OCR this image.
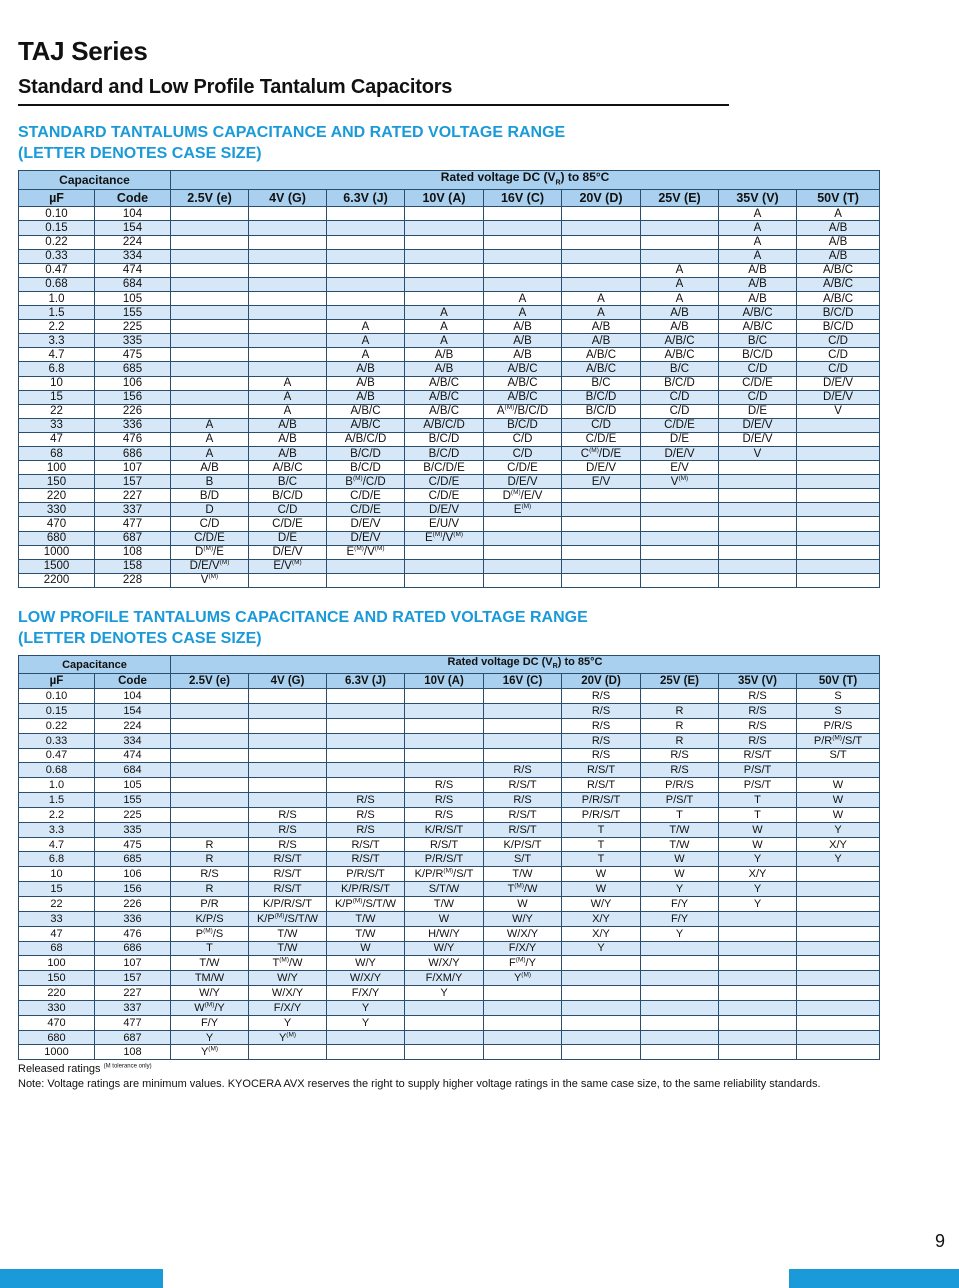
TAJ Series
Standard and Low Profile Tantalum Capacitors
STANDARD TANTALUMS CAPACITANCE AND RATED VOLTAGE RANGE
(LETTER DENOTES CASE SIZE)
Capacitance		Rated voltage DC $(V_R)$ to 85°C								
µF	Code	2.5V (e)	4V (G)	6.3V (J)	10V (A)	16V (C)	20V (D)	25V (E)	35V (V)	50V (T)
0.10	104								A	A
0.15	154								A	A/B
0.22	224								A	A/B
0.33	334								A	A/B
0.47	474							A	A/B	A/B/C
0.68	684							A	A/B	A/B/C
1.0	105					A	A	A	A/B	A/B/C
1.5	155				A	A	A	A/B	A/B/C	B/C/D
2.2	225			A	A	A/B	A/B	A/B	A/B/C	B/C/D
3.3	335			A	A	A/B	A/B	A/B/C	B/C	C/D
4.7	475			A	A/B	A/B	A/B/C	A/B/C	B/C/D	C/D
6.8	685			A/B	A/B	A/B/C	A/B/C	B/C	C/D	C/D
10	106		A	A/B	A/B/C	A/B/C	B/C	B/C/D	C/D/E	D/E/V
15	156		A	A/B	A/B/C	A/B/C	B/C/D	C/D	C/D	D/E/V
22	226		A	A/B/C	A/B/C	$A^{(M)}/B/C/D$	B/C/D	C/D	D/E	V
33	336	A	A/B	A/B/C	A/B/C/D	B/C/D	C/D	C/D/E	D/E/V	
47	476	A	A/B	A/B/C/D	B/C/D	C/D	C/D/E	D/E	D/E/V	
68	686	A	A/B	B/C/D	B/C/D	C/D	$C^{(M)}/D/E$	D/E/V	V	
100	107	A/B	A/B/C	B/C/D	B/C/D/E	C/D/E	D/E/V	E/V		
150	157	B	B/C	$B^{(M)}/C/D$	C/D/E	D/E/V	E/V	$V^{(M)}$		
220	227	B/D	B/C/D	C/D/E	C/D/E	$D^{(M)}/E/V$				
330	337	D	C/D	C/D/E	D/E/V	$E^{(M)}$				
470	477	C/D	C/D/E	D/E/V	E/U/V					
680	687	C/D/E	D/E	D/E/V	$E^{(M)}/V^{(M)}$					
1000	108	$D^{(M)}/E$	D/E/V	$E^{(M)}/V^{(M)}$						
1500	158	$D/E/V^{(M)}$	$E/V^{(M)}$							
2200	228	$V^{(M)}$								
LOW PROFILE TANTALUMS CAPACITANCE AND RATED VOLTAGE RANGE
(LETTER DENOTES CASE SIZE)
Capacitance		Rated voltage DC $(V_R)$ to 85°C								
µF	Code	2.5V (e)	4V (G)	6.3V (J)	10V (A)	16V (C)	20V (D)	25V (E)	35V (V)	50V (T)
0.10	104						R/S		R/S	S
0.15	154						R/S	R	R/S	S
0.22	224						R/S	R	R/S	P/R/S
0.33	334						R/S	R	R/S	$P/R^{(M)}/S/T$
0.47	474						R/S	R/S	R/S/T	S/T
0.68	684					R/S	R/S/T	R/S	P/S/T	
1.0	105				R/S	R/S/T	R/S/T	P/R/S	P/S/T	W
1.5	155			R/S	R/S	R/S	P/R/S/T	P/S/T	T	W
2.2	225		R/S	R/S	R/S	R/S/T	P/R/S/T	T	T	W
3.3	335		R/S	R/S	K/R/S/T	R/S/T	T	T/W	W	Y
4.7	475	R	R/S	R/S/T	R/S/T	K/P/S/T	T	T/W	W	X/Y
6.8	685	R	R/S/T	R/S/T	P/R/S/T	S/T	T	W	Y	Y
10	106	R/S	R/S/T	P/R/S/T	$K/P/R^{(M)}/S/T$	T/W	W	W	X/Y	
15	156	R	R/S/T	K/P/R/S/T	S/T/W	$T^{(M)}/W$	W	Y	Y	
22	226	P/R	K/P/R/S/T	$K/P^{(M)}/S/T/W$	T/W	W	W/Y	F/Y	Y	
33	336	K/P/S	$K/P^{(M)}/S/T/W$	T/W	W	W/Y	X/Y	F/Y		
47	476	$P^{(M)}/S$	T/W	T/W	H/W/Y	W/X/Y	X/Y	Y		
68	686	T	T/W	W	W/Y	F/X/Y	Y			
100	107	T/W	$T^{(M)}/W$	W/Y	W/X/Y	$F^{(M)}/Y$				
150	157	TM/W	W/Y	W/X/Y	F/XM/Y	$Y^{(M)}$				
220	227	W/Y	W/X/Y	F/X/Y	Y					
330	337	$W^{(M)}/Y$	F/X/Y	Y						
470	477	F/Y	Y	Y						
680	687	Y	$Y^{(M)}$							
1000	108	$Y^{(M)}$								
Released ratings $^{(M tolerance only)}$
Note: Voltage ratings are minimum values. KYOCERA AVX reserves the right to supply higher voltage ratings in the same case size, to the same reliability standards.
9
